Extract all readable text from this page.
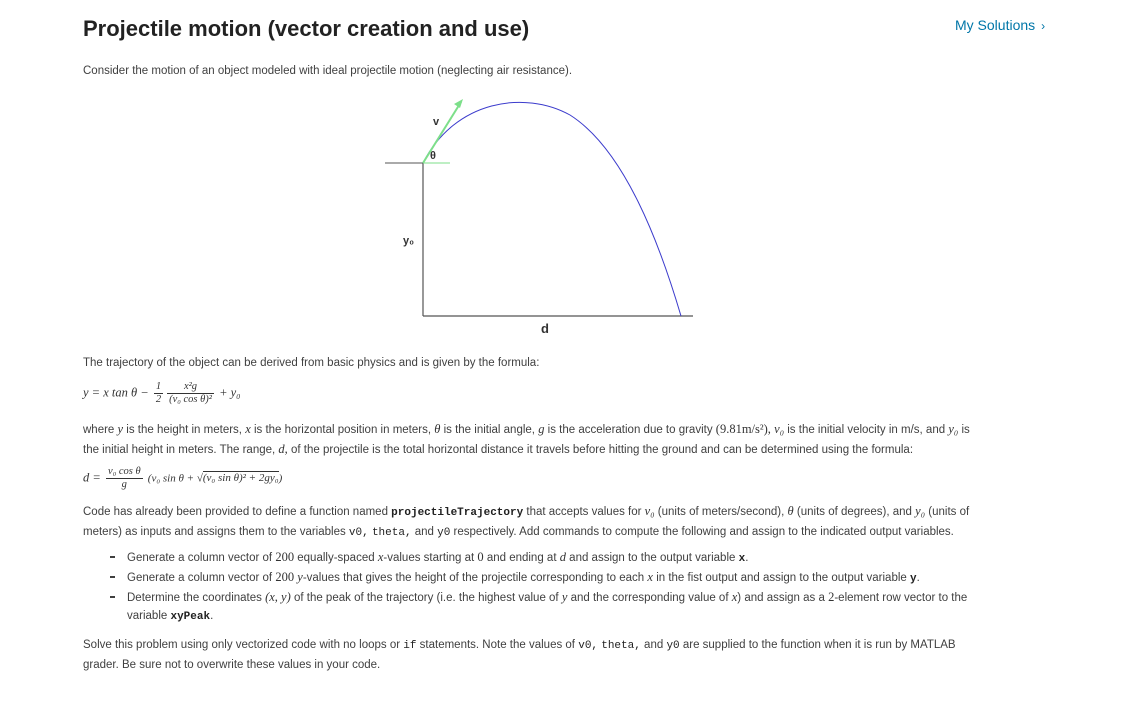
Projectile motion (vector creation and use)	My Solutions ›
Consider the motion of an object modeled with ideal projectile motion (neglecting air resistance).
v
θ
y₀
d
The trajectory of the object can be derived from basic physics and is given by the formula:
y = x $\tan \theta - \frac{1}{2} \frac{\text{x²g}}{\text{(v₀ cos θ)²}} + y_0$
where y is the height in meters, x is the horizontal position in meters, θ is the initial angle, g is the acceleration due to gravity (9.81m/s²), v₀ is the initial velocity in m/s, and y₀ is
the initial height in meters. The range, d, of the projectile is the total horizontal distance it travels before hitting the ground and can be determined using the formula:
$d = \frac{\text{v₀ cos θ}}{g} (v_0$ sin θ + √(v₀ sin θ)² + 2gy₀)
Code has already been provided to define a function named projectileTrajectory that accepts values for v₀ (units of meters/second), θ (units of degrees), and y₀ (units of
meters) as inputs and assigns them to the variables v0, theta, and y0 respectively. Add commands to compute the following and assign to the indicated output variables.
Generate a column vector of 200 equally-spaced x-values starting at 0 and ending at d and assign to the output variable x.
Generate a column vector of 200 y-values that gives the height of the projectile corresponding to each x in the fist output and assign to the output variable y.
Determine the coordinates (x, y) of the peak of the trajectory (i.e. the highest value of y and the corresponding value of x) and assign as a 2-element row vector to the
variable xyPeak.
Solve this problem using only vectorized code with no loops or if statements. Note the values of v0, theta, and y0 are supplied to the function when it is run by MATLAB
grader. Be sure not to overwrite these values in your code.
